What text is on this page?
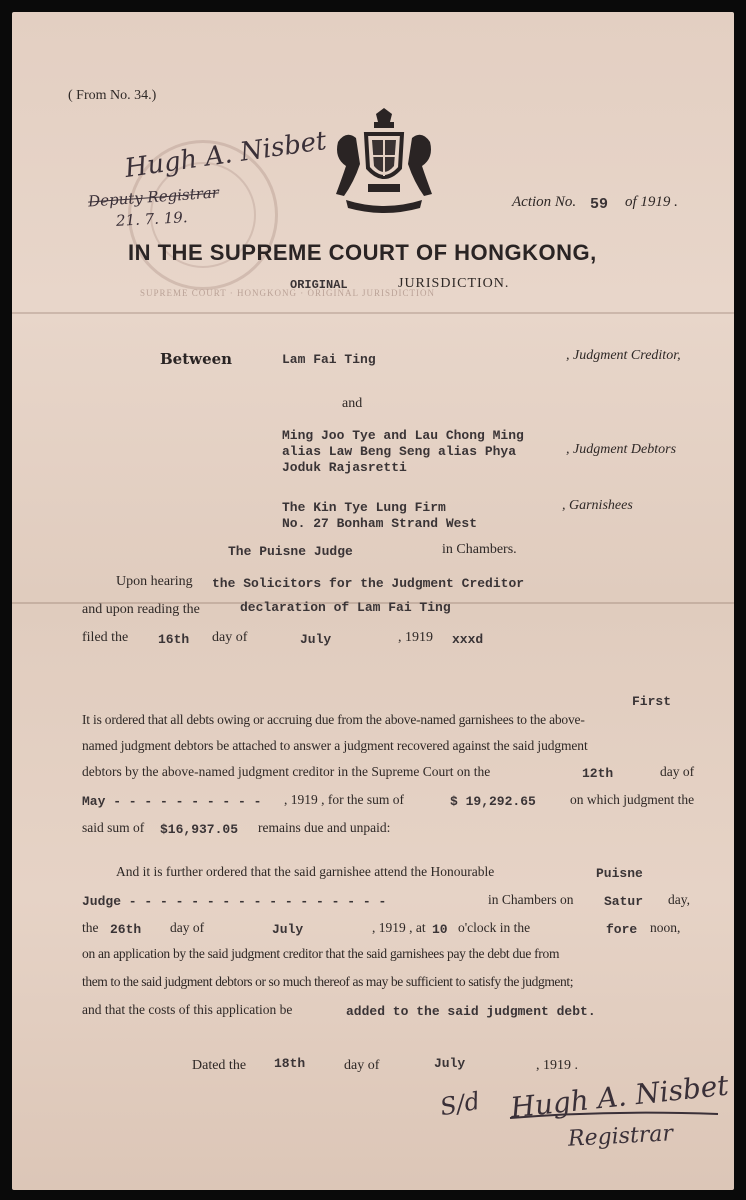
( From No. 34.)
SUPREME COURT · HONGKONG · ORIGINAL JURISDICTION
Hugh A. Nisbet
Deputy Registrar
21. 7. 19.
Action No. 59 of 1919 .
IN THE SUPREME COURT OF HONGKONG,
ORIGINAL	JURISDICTION.
Between	Lam Fai Ting	, Judgment Creditor,
and
Ming Joo Tye and Lau Chong Ming
alias Law Beng Seng alias Phya
Joduk Rajasretti
, Judgment Debtors
The Kin Tye Lung Firm
No. 27 Bonham Strand West
, Garnishees
The Puisne Judge	in Chambers.
Upon hearing the Solicitors for the Judgment Creditor
and upon reading the	declaration of Lam Fai Ting
filed the 16th day of	July	, 1919 xxxd
First
It is ordered that all debts owing or accruing due from the above-named garnishees to the above-
named judgment debtors be attached to answer a judgment recovered against the said judgment
debtors by the above-named judgment creditor in the Supreme Court on the	12th	day of
May - - - - - - - - - - , 1919 , for the sum of	$ 19,292.65	on which judgment the
said sum of $16,937.05 remains due and unpaid:
And it is further ordered that the said garnishee attend the Honourable	Puisne
Judge - - - - - - - - - - - - - - - - -	in Chambers on Satur day,
the 26th day of	July	, 1919 , at 10 o'clock in the	fore noon,
on an application by the said judgment creditor that the said garnishees pay the debt due from
them to the said judgment debtors or so much thereof as may be sufficient to satisfy the judgment;
and that the costs of this application be	added to the said judgment debt.
Dated the 18th	day of	July	, 1919 .
S/d Hugh A. Nisbet
Registrar
